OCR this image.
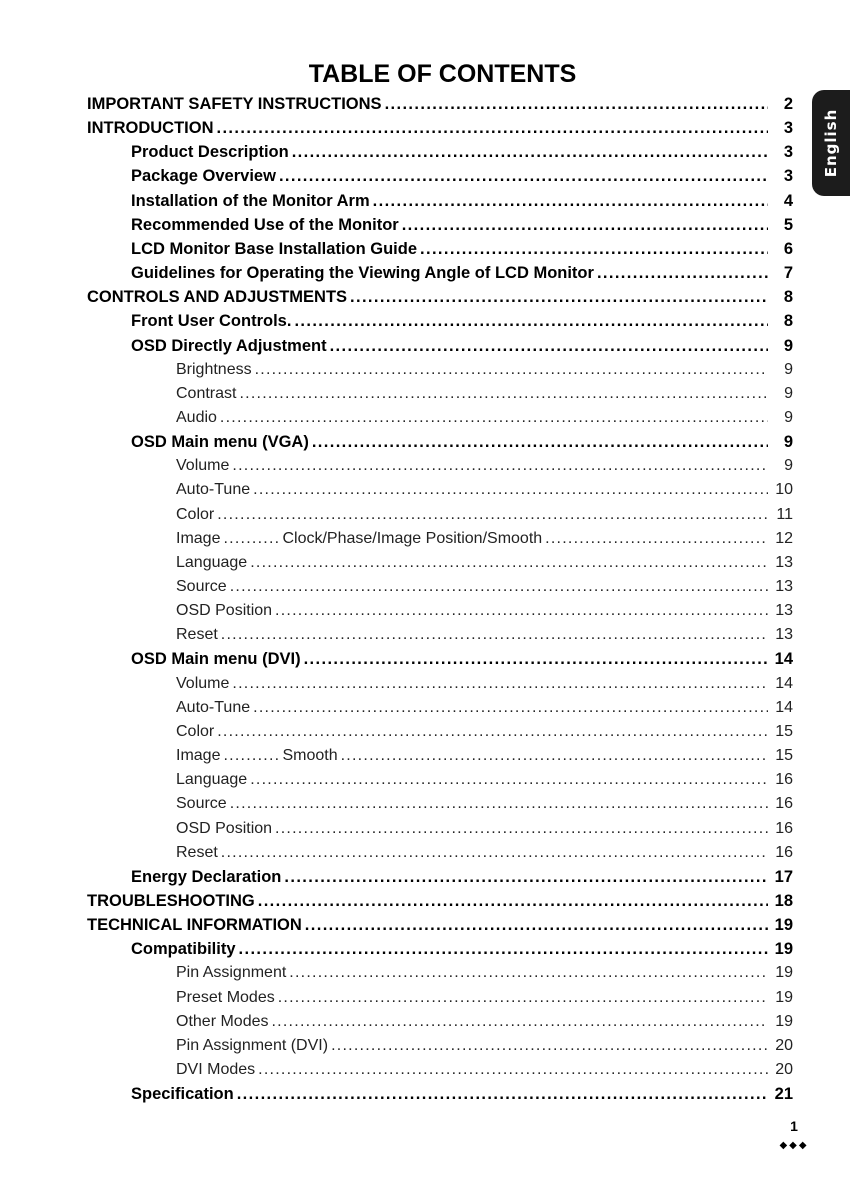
TABLE OF CONTENTS
English
IMPORTANT SAFETY INSTRUCTIONS . . .	2
INTRODUCTION . . .	3
Product Description . . .	3
Package Overview . . .	3
Installation of the Monitor Arm . . .	4
Recommended Use of the Monitor . . .	5
LCD Monitor Base Installation Guide . . .	6
Guidelines for Operating the Viewing Angle of LCD Monitor . . .	7
CONTROLS AND ADJUSTMENTS . . .	8
Front User Controls. . . .	8
OSD Directly Adjustment . . .	9
Brightness . . .	9
Contrast . . .	9
Audio . . .	9
OSD Main menu (VGA) . . .	9
Volume . . .	9
Auto-Tune . . .	10
Color . . .	11
Image . . .	Clock/Phase/Image Position/Smooth . . .	12
Language . . .	13
Source . . .	13
OSD Position . . .	13
Reset . . .	13
OSD Main menu (DVI) . . .	14
Volume . . .	14
Auto-Tune . . .	14
Color . . .	15
Image . . .	Smooth . . .	15
Language . . .	16
Source . . .	16
OSD Position . . .	16
Reset . . .	16
Energy Declaration . . .	17
TROUBLESHOOTING . . .	18
TECHNICAL INFORMATION . . .	19
Compatibility . . .	19
Pin Assignment . . .	19
Preset Modes . . .	19
Other Modes . . .	19
Pin Assignment (DVI) . . .	20
DVI Modes . . .	20
Specification . . .	21
1
◆◆◆
